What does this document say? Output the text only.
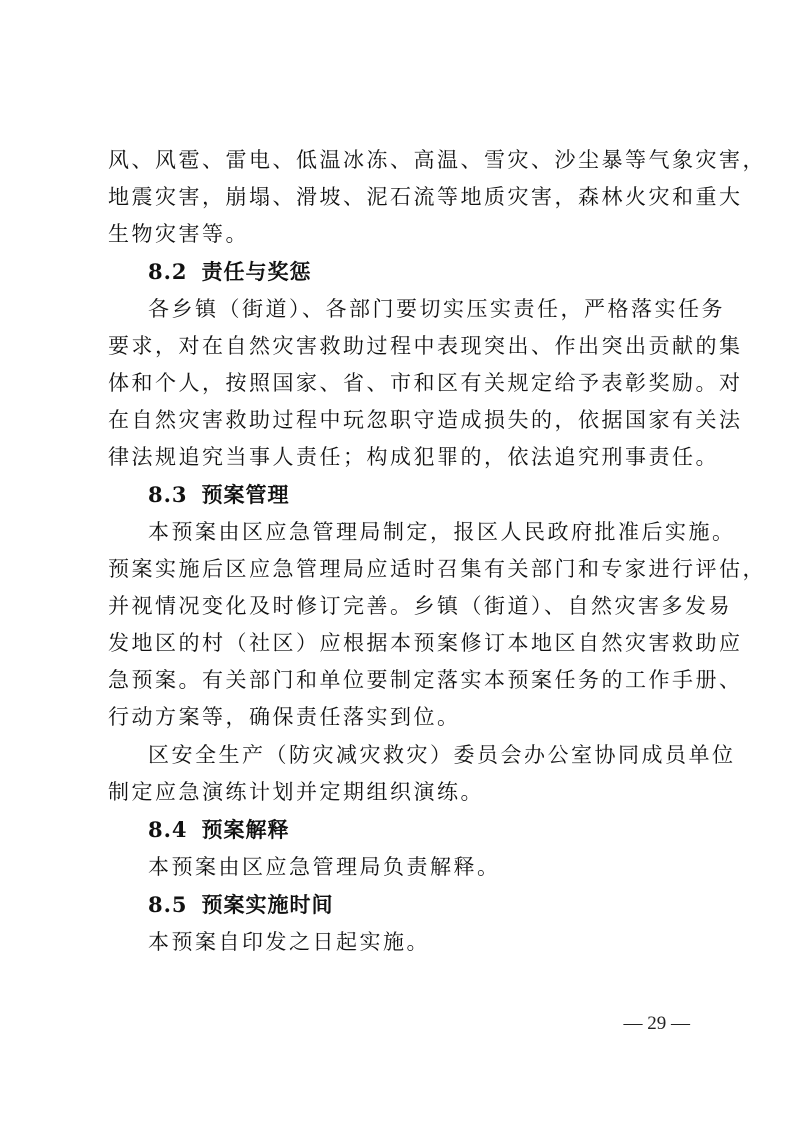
风、风雹、雷电、低温冰冻、高温、雪灾、沙尘暴等气象灾害，
地震灾害，崩塌、滑坡、泥石流等地质灾害，森林火灾和重大
生物灾害等。
8.2 责任与奖惩
各乡镇（街道）、各部门要切实压实责任，严格落实任务
要求，对在自然灾害救助过程中表现突出、作出突出贡献的集
体和个人，按照国家、省、市和区有关规定给予表彰奖励。对
在自然灾害救助过程中玩忽职守造成损失的，依据国家有关法
律法规追究当事人责任；构成犯罪的，依法追究刑事责任。
8.3 预案管理
本预案由区应急管理局制定，报区人民政府批准后实施。
预案实施后区应急管理局应适时召集有关部门和专家进行评估，
并视情况变化及时修订完善。乡镇（街道）、自然灾害多发易
发地区的村（社区）应根据本预案修订本地区自然灾害救助应
急预案。有关部门和单位要制定落实本预案任务的工作手册、
行动方案等，确保责任落实到位。
区安全生产（防灾减灾救灾）委员会办公室协同成员单位
制定应急演练计划并定期组织演练。
8.4 预案解释
本预案由区应急管理局负责解释。
8.5 预案实施时间
本预案自印发之日起实施。
— 29 —
